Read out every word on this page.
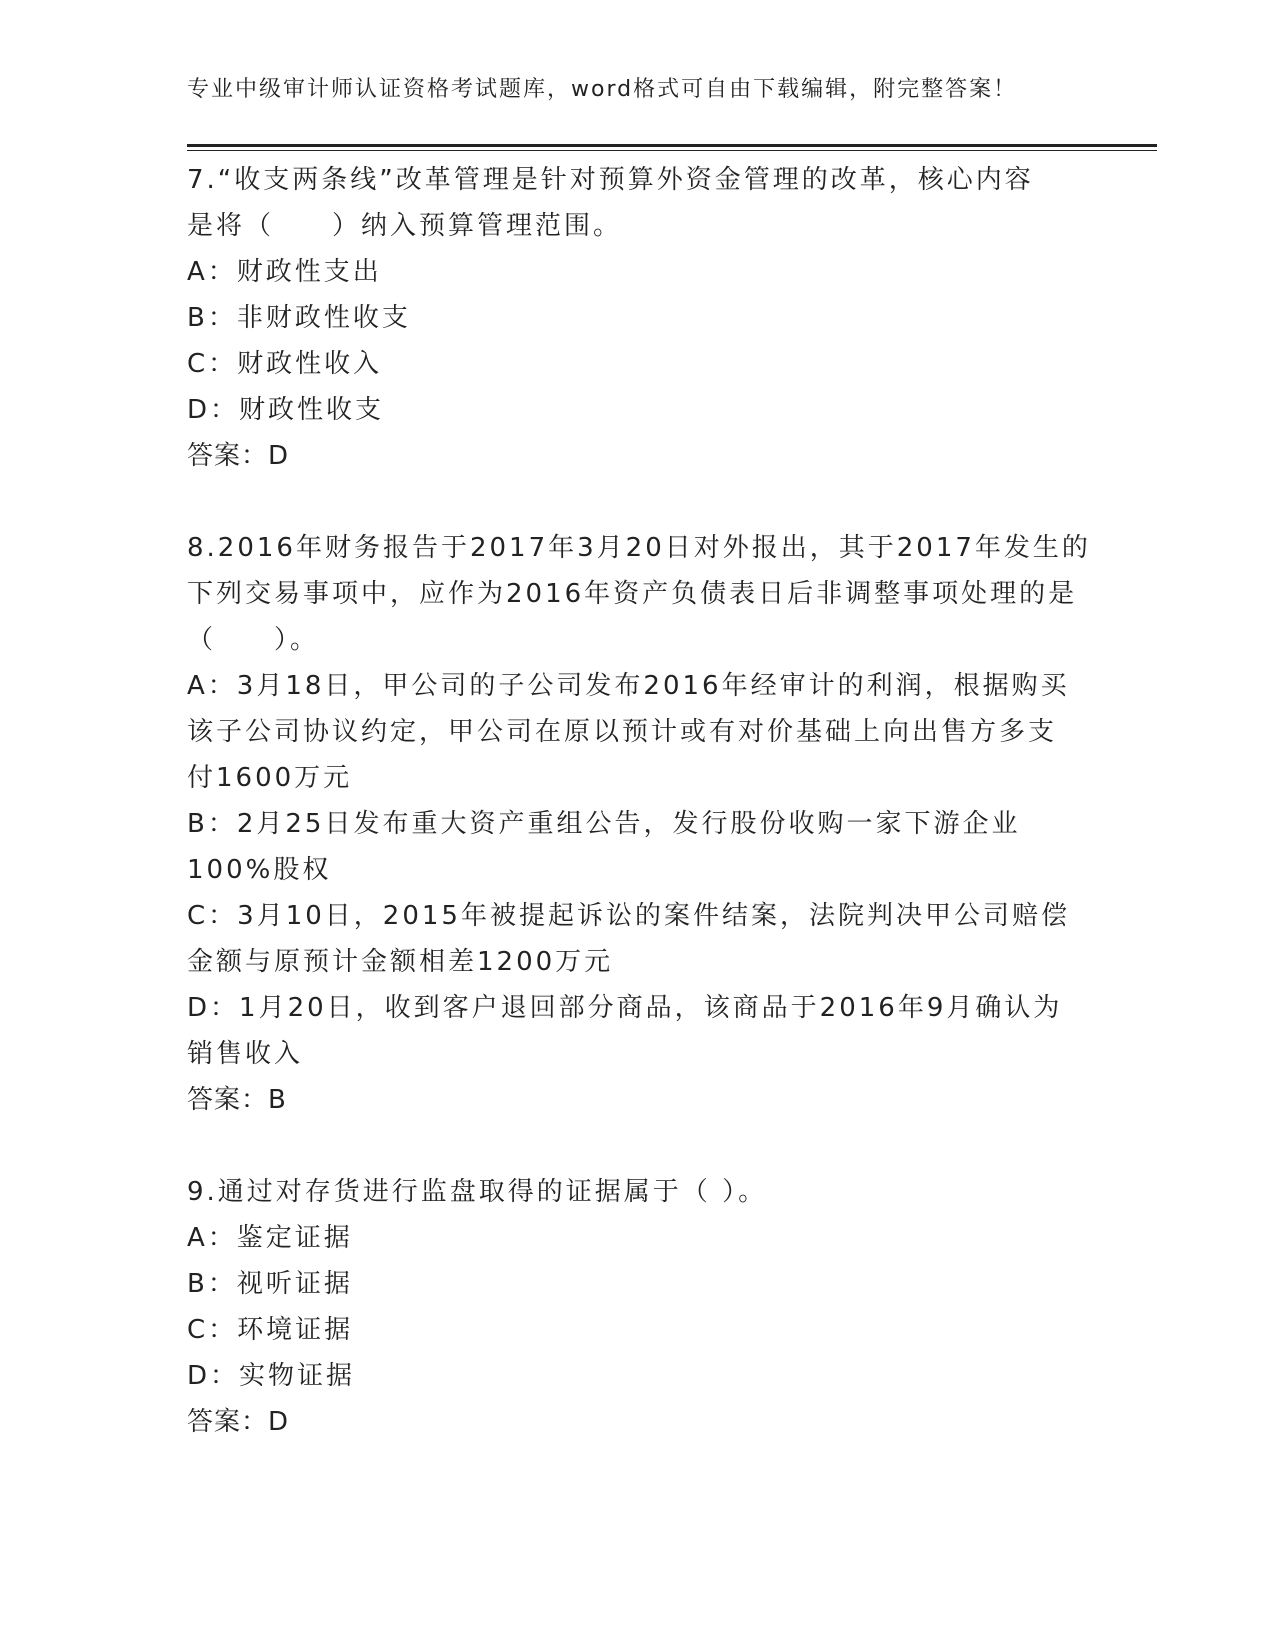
专业中级审计师认证资格考试题库，word格式可自由下载编辑，附完整答案！
7.“收支两条线”改革管理是针对预算外资金管理的改革，核心内容
是将（　　）纳入预算管理范围。
A：财政性支出
B：非财政性收支
C：财政性收入
D：财政性收支
答案：D
8.2016年财务报告于2017年3月20日对外报出，其于2017年发生的
下列交易事项中，应作为2016年资产负债表日后非调整事项处理的是
（　　）。
A：3月18日，甲公司的子公司发布2016年经审计的利润，根据购买
该子公司协议约定，甲公司在原以预计或有对价基础上向出售方多支
付1600万元
B：2月25日发布重大资产重组公告，发行股份收购一家下游企业
100%股权
C：3月10日，2015年被提起诉讼的案件结案，法院判决甲公司赔偿
金额与原预计金额相差1200万元
D：1月20日，收到客户退回部分商品，该商品于2016年9月确认为
销售收入
答案：B
9.通过对存货进行监盘取得的证据属于（ ）。
A：鉴定证据
B：视听证据
C：环境证据
D：实物证据
答案：D
